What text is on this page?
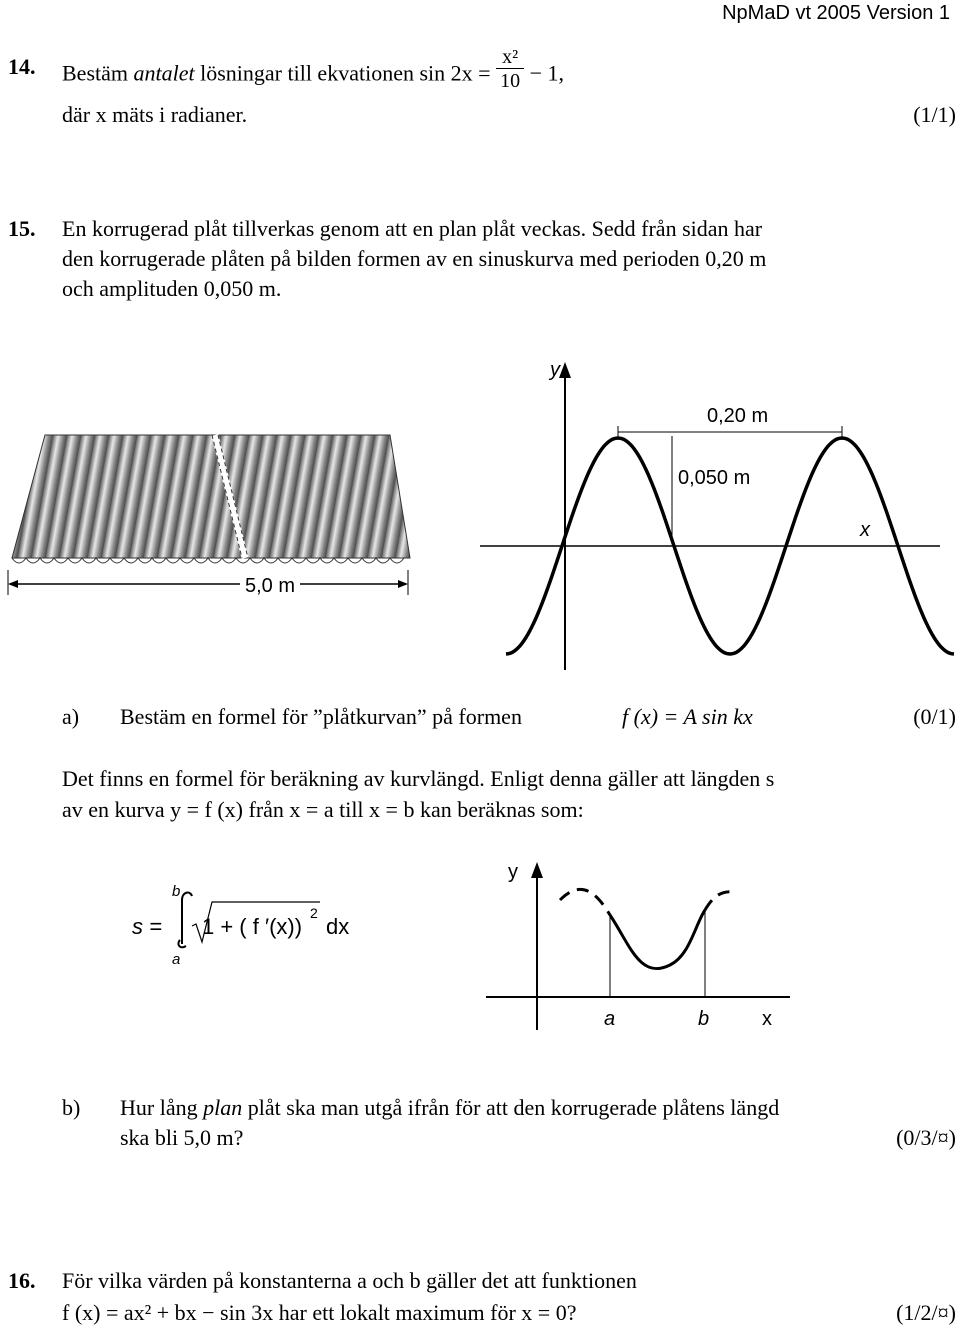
NpMaD vt 2005 Version 1
14. Bestäm antalet lösningar till ekvationen $\sin 2x = \frac{\text{x²}}{10} - 1$,
där x mäts i radianer.	(1/1)
15. En korrugerad plåt tillverkas genom att en plan plåt veckas. Sedd från sidan har
den korrugerade plåten på bilden formen av en sinuskurva med perioden 0,20 m
och amplituden 0,050 m.
5,0 m
y
x
0,20 m
0,050 m
a) Bestäm en formel för ”plåtkurvan” på formen	f (x) = A sin kx	(0/1)
Det finns en formel för beräkning av kurvlängd. Enligt denna gäller att längden s
av en kurva y = f (x) från x = a till x = b kan beräknas som:
s =
b
a
1 + ( f ′(x))
2
dx
y
a	b	x
b) Hur lång plan plåt ska man utgå ifrån för att den korrugerade plåtens längd
ska bli 5,0 m?	(0/3/¤)
16. För vilka värden på konstanterna a och b gäller det att funktionen
f (x) = ax² + bx − sin 3x har ett lokalt maximum för x = 0?	(1/2/¤)
